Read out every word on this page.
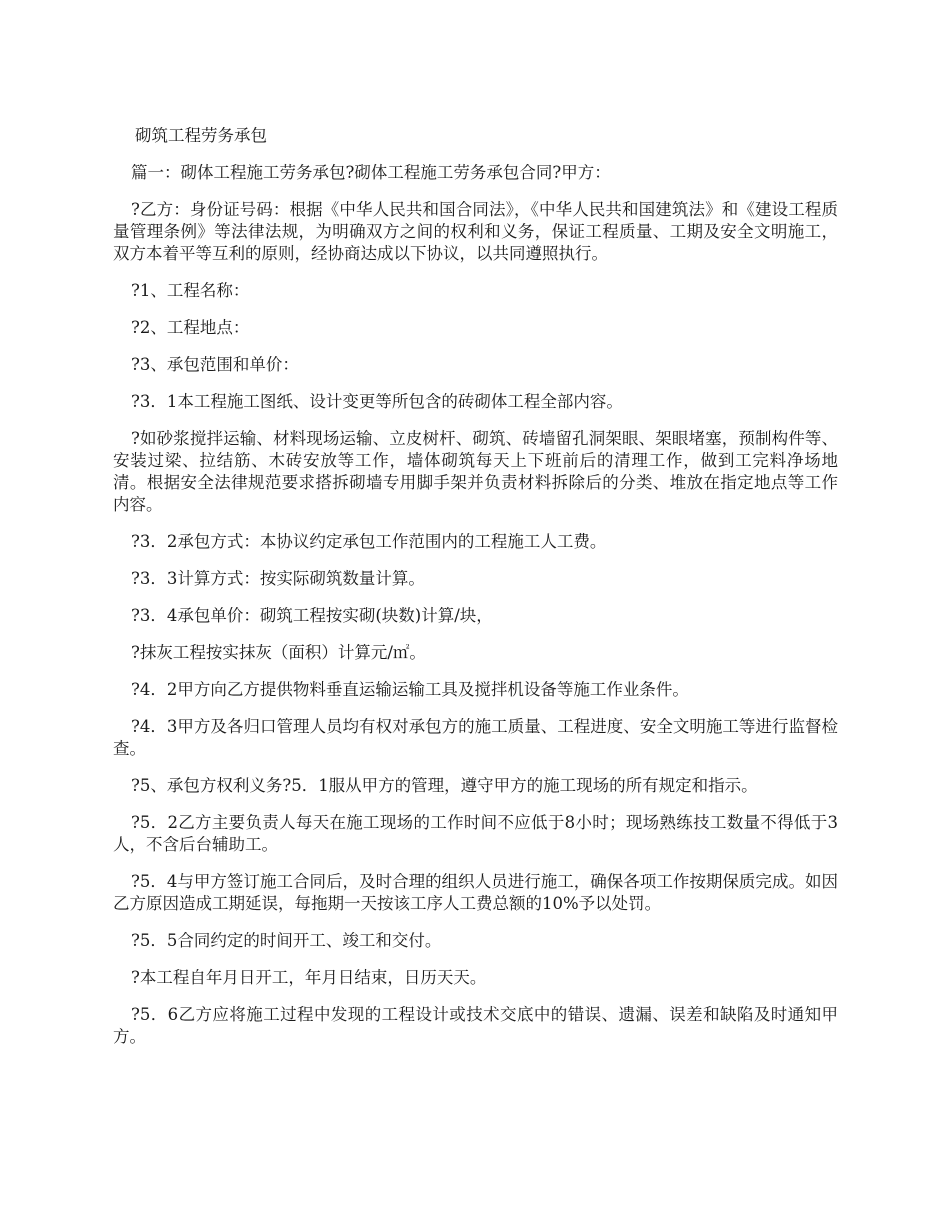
砌筑工程劳务承包

篇一：砌体工程施工劳务承包?砌体工程施工劳务承包合同?甲方：

?乙方：身份证号码：根据《中华人民共和国合同法》，《中华人民共和国建筑法》和《建设工程质量管理条例》等法律法规，为明确双方之间的权利和义务，保证工程质量、工期及安全文明施工，双方本着平等互利的原则，经协商达成以下协议，以共同遵照执行。

?1、工程名称：

?2、工程地点：

?3、承包范围和单价：

?3．1本工程施工图纸、设计变更等所包含的砖砌体工程全部内容。

?如砂浆搅拌运输、材料现场运输、立皮树杆、砌筑、砖墙留孔洞架眼、架眼堵塞，预制构件等、安装过梁、拉结筋、木砖安放等工作，墙体砌筑每天上下班前后的清理工作，做到工完料净场地清。根据安全法律规范要求搭拆砌墙专用脚手架并负责材料拆除后的分类、堆放在指定地点等工作内容。

?3．2承包方式：本协议约定承包工作范围内的工程施工人工费。

?3．3计算方式：按实际砌筑数量计算。

?3．4承包单价：砌筑工程按实砌(块数)计算/块，

?抹灰工程按实抹灰（面积）计算元/㎡。

?4．2甲方向乙方提供物料垂直运输运输工具及搅拌机设备等施工作业条件。

?4．3甲方及各归口管理人员均有权对承包方的施工质量、工程进度、安全文明施工等进行监督检查。

?5、承包方权利义务?5．1服从甲方的管理，遵守甲方的施工现场的所有规定和指示。

?5．2乙方主要负责人每天在施工现场的工作时间不应低于8小时；现场熟练技工数量不得低于3人，不含后台辅助工。

?5．4与甲方签订施工合同后，及时合理的组织人员进行施工，确保各项工作按期保质完成。如因乙方原因造成工期延误，每拖期一天按该工序人工费总额的10%予以处罚。

?5．5合同约定的时间开工、竣工和交付。

?本工程自年月日开工，年月日结束，日历天天。

?5．6乙方应将施工过程中发现的工程设计或技术交底中的错误、遗漏、误差和缺陷及时通知甲方。
